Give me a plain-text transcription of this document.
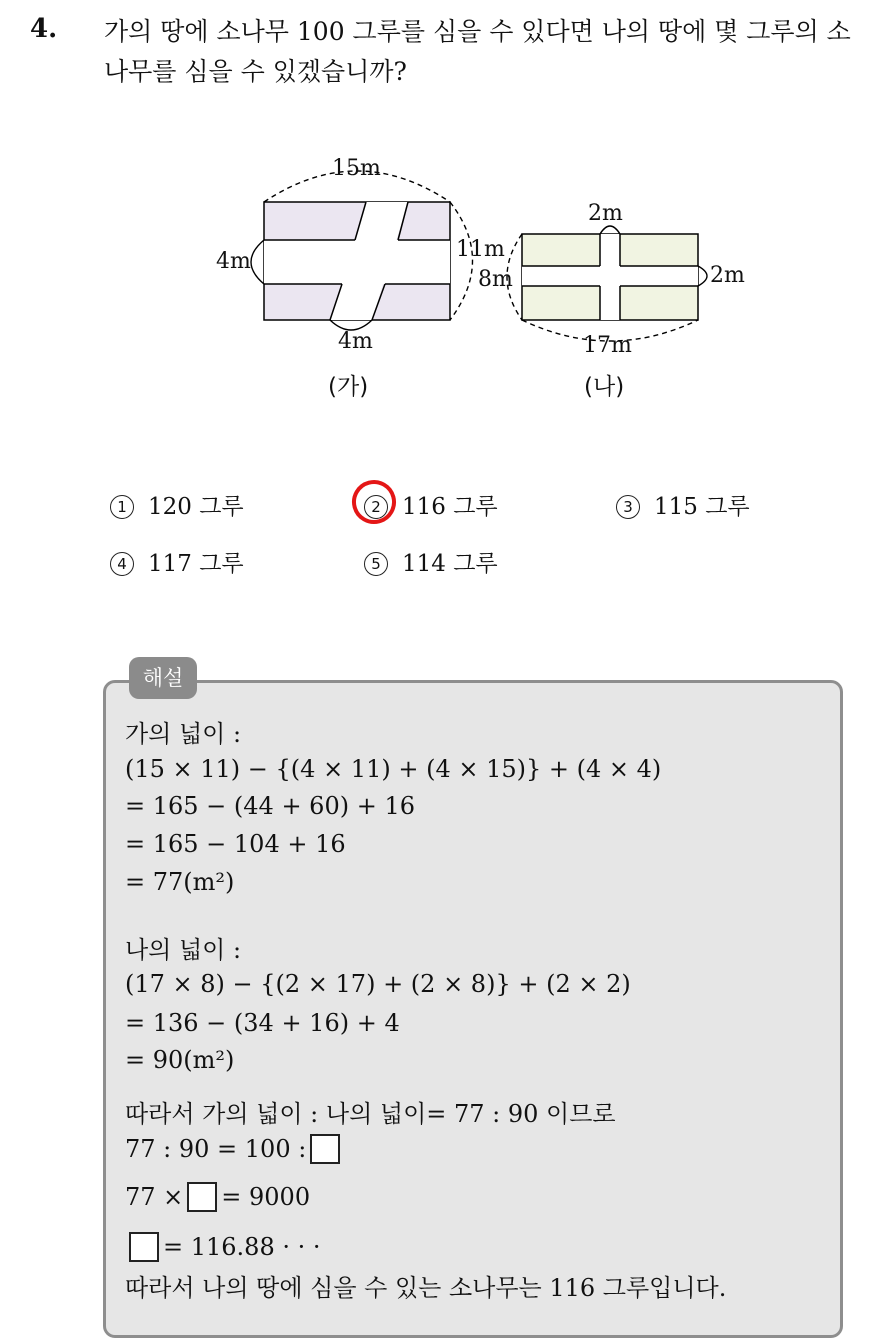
4. 가의 땅에 소나무 100 그루를 심을 수 있다면 나의 땅에 몇 그루의 소나무를 심을 수 있겠습니까?
15m
11m
4m
4m
2m
8m	2m
17m
(가)	(나)
1 120 그루	2 116 그루	3 115 그루
4 117 그루	5 114 그루
해설
가의 넓이 :
(15 × 11) − {(4 × 11) + (4 × 15)} + (4 × 4)
= 165 − (44 + 60) + 16
= 165 − 104 + 16
= 77(m²)
나의 넓이 :
(17 × 8) − {(2 × 17) + (2 × 8)} + (2 × 2)
= 136 − (34 + 16) + 4
= 90(m²)
따라서 가의 넓이 : 나의 넓이= 77 : 90 이므로
77 : 90 = 100 :
77 × = 9000
= 116.88 · · ·
따라서 나의 땅에 심을 수 있는 소나무는 116 그루입니다.
